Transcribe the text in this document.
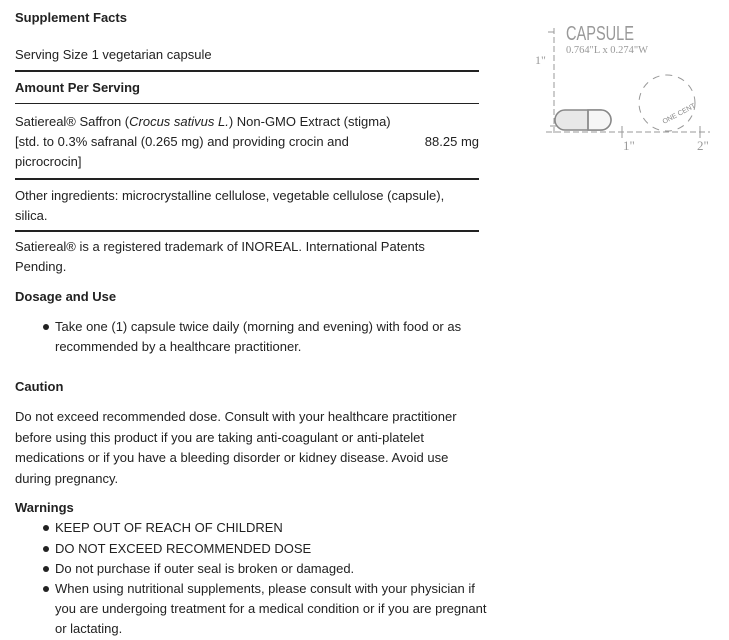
Supplement Facts
Serving Size 1 vegetarian capsule
Amount Per Serving
Satiereal® Saffron (Crocus sativus L.) Non-GMO Extract (stigma)
[std. to 0.3% safranal (0.265 mg) and providing crocin and picrocrocin]
88.25 mg
Other ingredients: microcrystalline cellulose, vegetable cellulose (capsule), silica.
Satiereal® is a registered trademark of INOREAL. International Patents Pending.
Dosage and Use
Take one (1) capsule twice daily (morning and evening) with food or as recommended by a healthcare practitioner.
Caution
Do not exceed recommended dose. Consult with your healthcare practitioner before using this product if you are taking anti-coagulant or anti-platelet medications or if you have a bleeding disorder or kidney disease. Avoid use during pregnancy.
Warnings
KEEP OUT OF REACH OF CHILDREN
DO NOT EXCEED RECOMMENDED DOSE
Do not purchase if outer seal is broken or damaged.
When using nutritional supplements, please consult with your physician if you are undergoing treatment for a medical condition or if you are pregnant or lactating.
ONE CENT
CAPSULE
0.764"L x 0.274"W
1"
1"	2"
